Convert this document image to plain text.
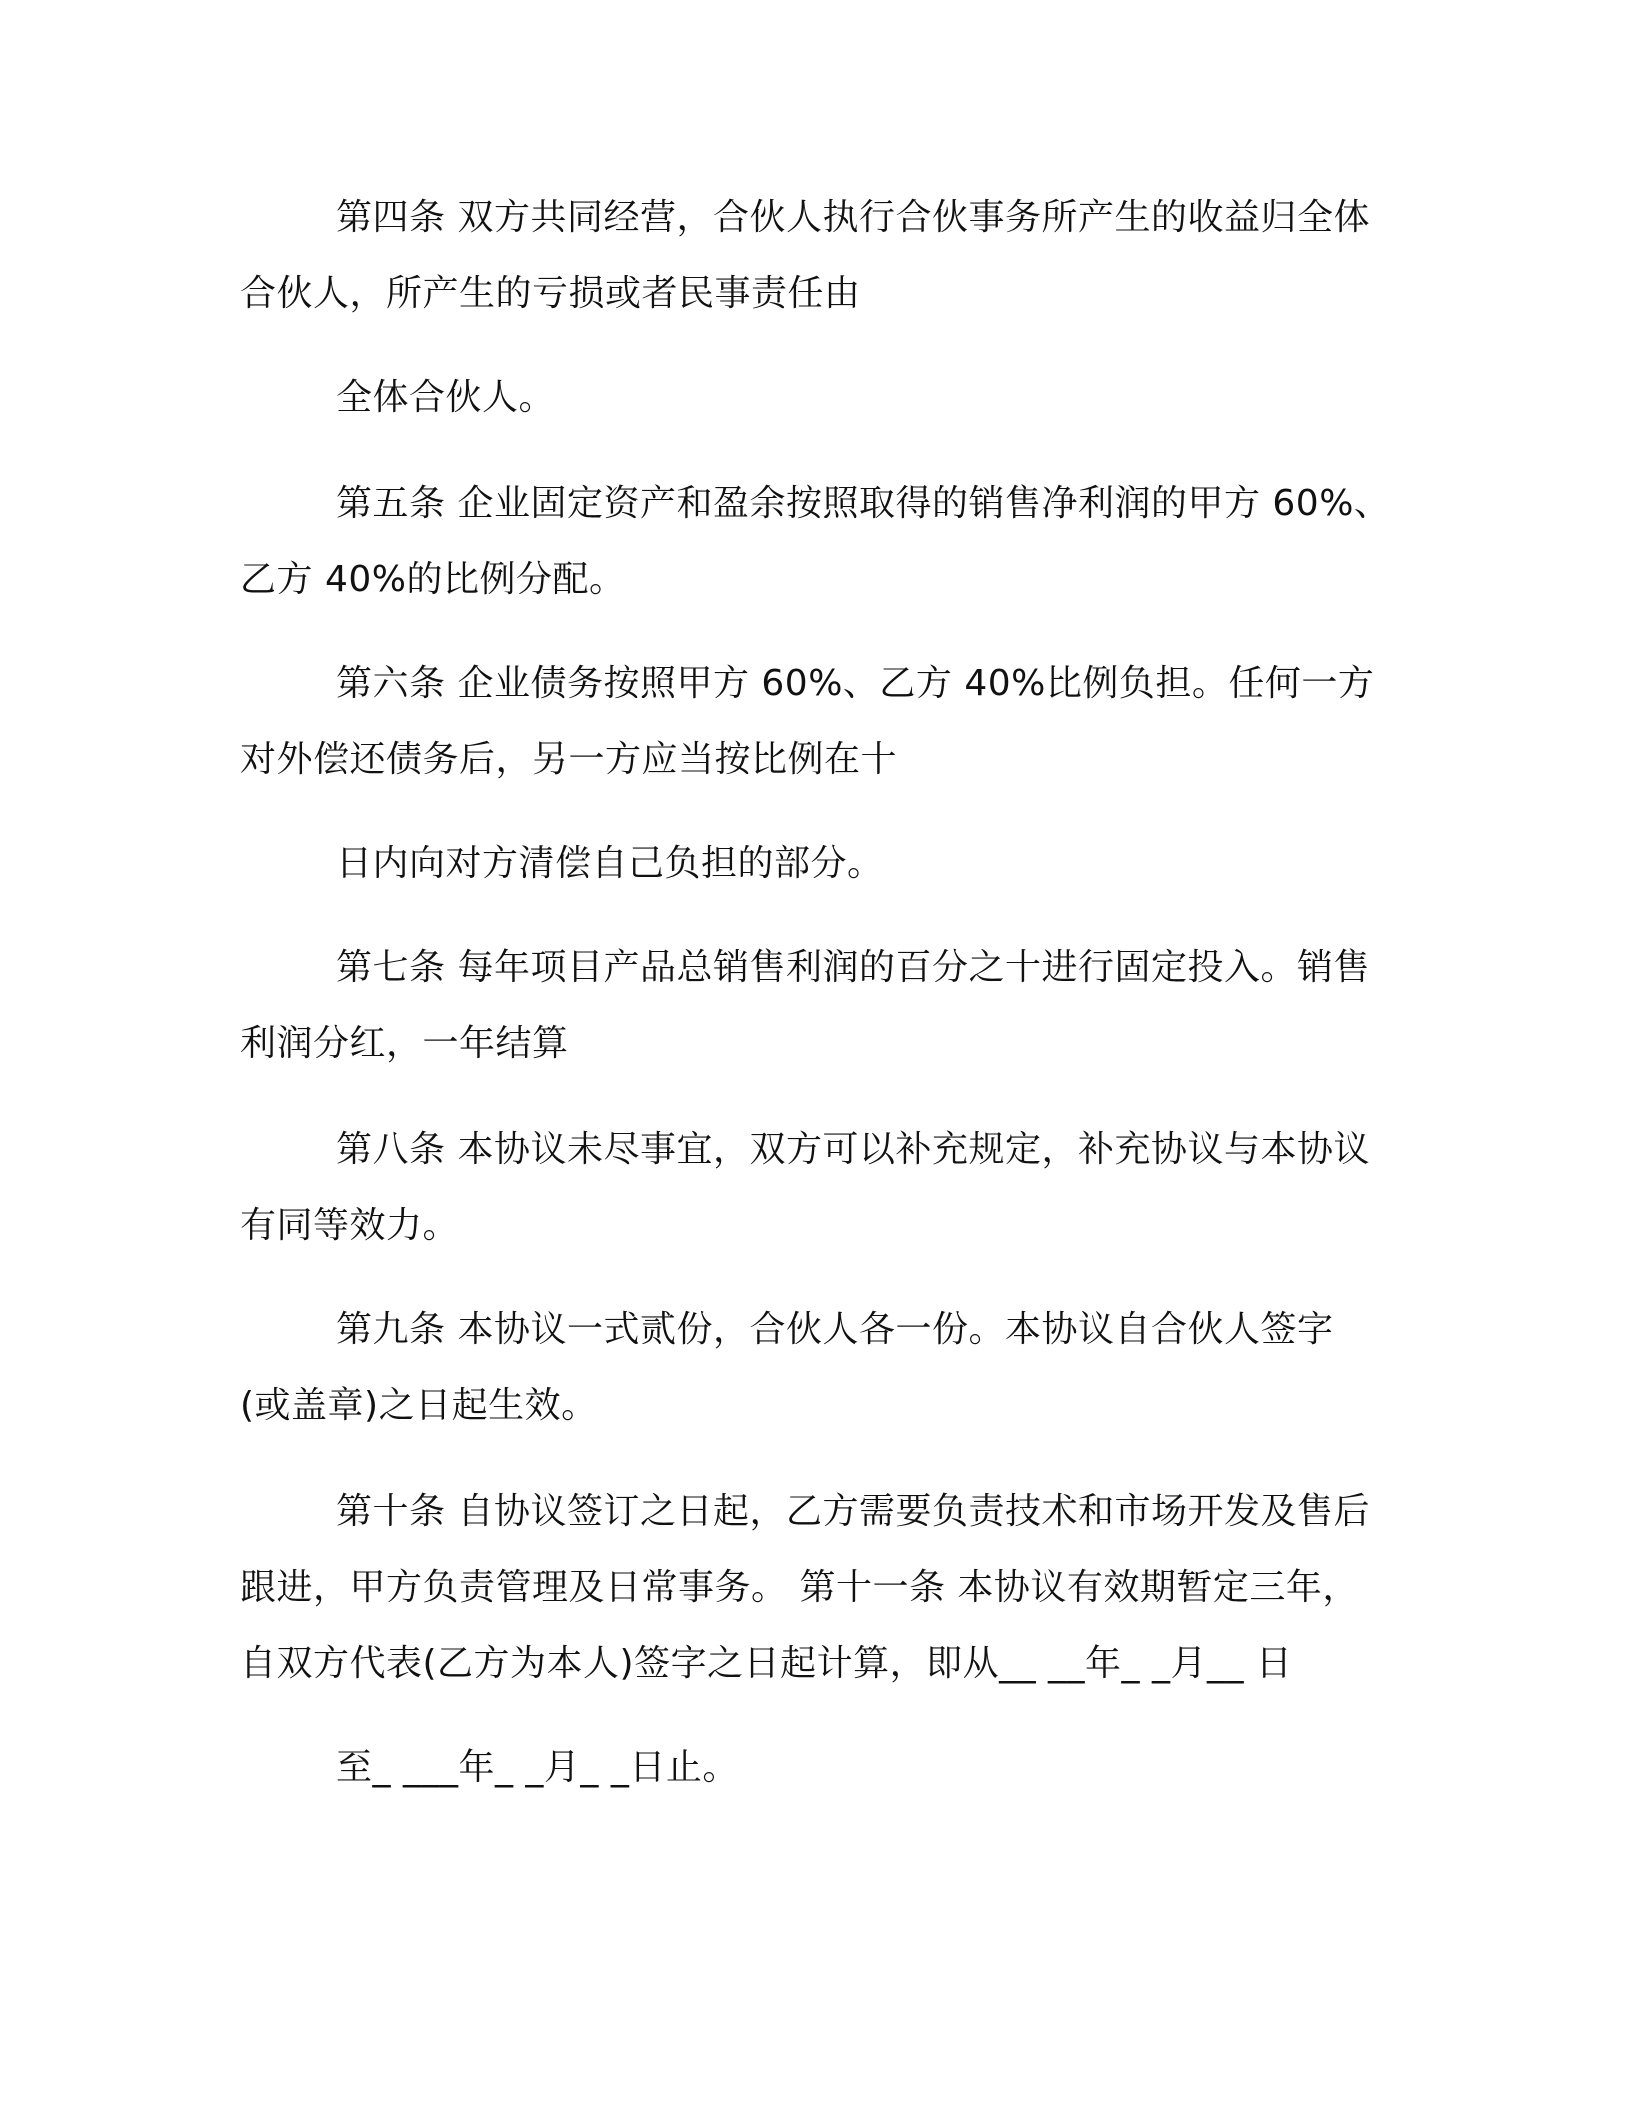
第四条 双方共同经营，合伙人执行合伙事务所产生的收益归全体
合伙人，所产生的亏损或者民事责任由
全体合伙人。
第五条 企业固定资产和盈余按照取得的销售净利润的甲方 60%、
乙方 40%的比例分配。
第六条 企业债务按照甲方 60%、乙方 40%比例负担。任何一方
对外偿还债务后，另一方应当按比例在十
日内向对方清偿自己负担的部分。
第七条 每年项目产品总销售利润的百分之十进行固定投入。销售
利润分红，一年结算
第八条 本协议未尽事宜，双方可以补充规定，补充协议与本协议
有同等效力。
第九条 本协议一式贰份，合伙人各一份。本协议自合伙人签字
(或盖章)之日起生效。
第十条 自协议签订之日起，乙方需要负责技术和市场开发及售后
跟进，甲方负责管理及日常事务。 第十一条 本协议有效期暂定三年，
自双方代表(乙方为本人)签字之日起计算，即从__ __年_ _月__ 日
至_ ___年_ _月_ _日止。
